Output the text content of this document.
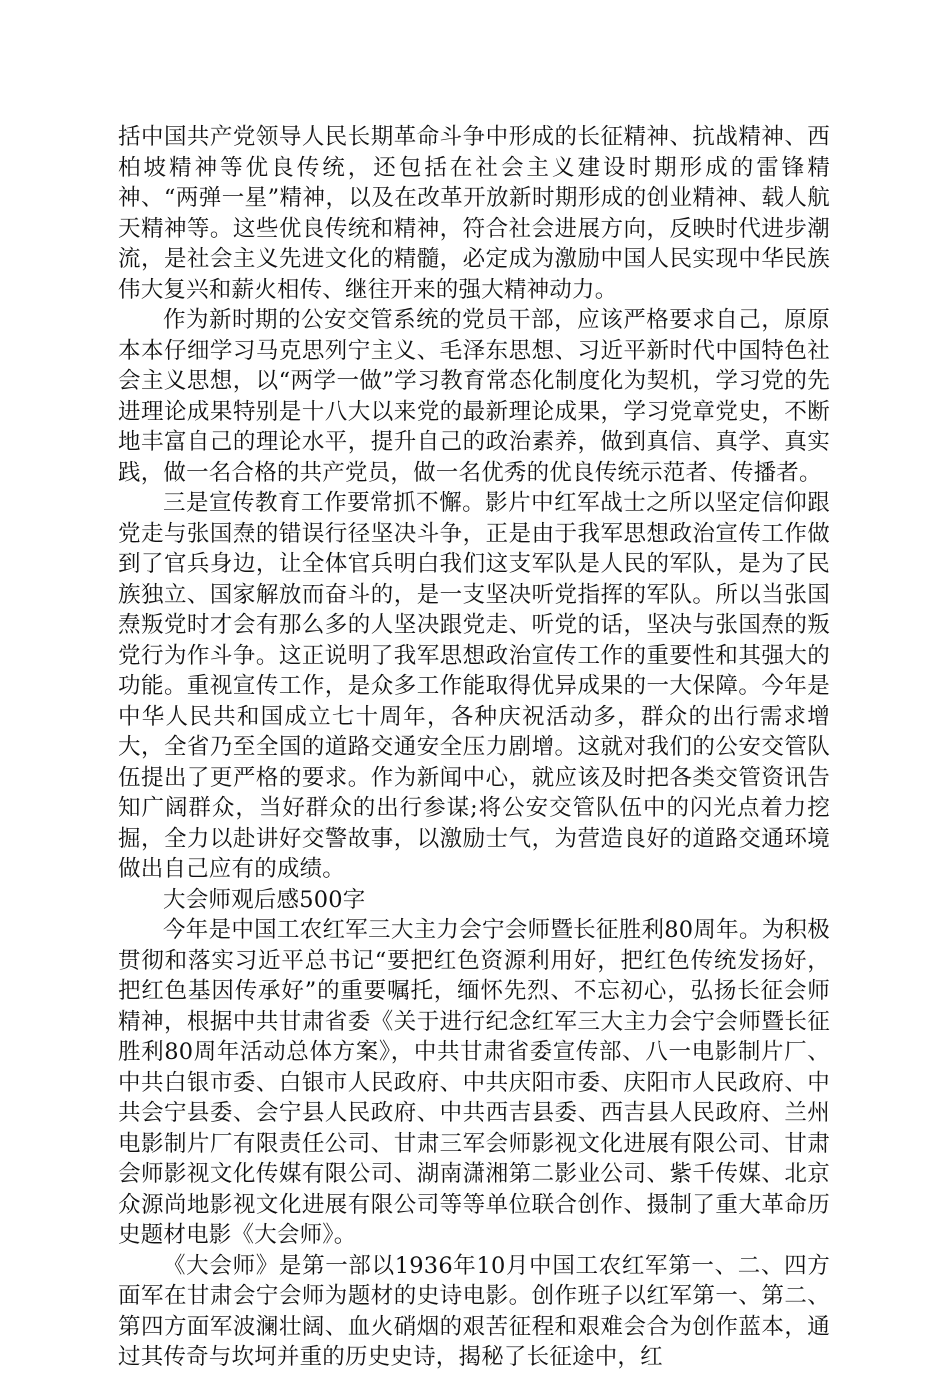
括中国共产党领导人民长期革命斗争中形成的长征精神、抗战精神、西柏坡精神等优良传统，还包括在社会主义建设时期形成的雷锋精神、“两弹一星”精神，以及在改革开放新时期形成的创业精神、载人航天精神等。这些优良传统和精神，符合社会进展方向，反映时代进步潮流，是社会主义先进文化的精髓，必定成为激励中国人民实现中华民族伟大复兴和薪火相传、继往开来的强大精神动力。

作为新时期的公安交管系统的党员干部，应该严格要求自己，原原本本仔细学习马克思列宁主义、毛泽东思想、习近平新时代中国特色社会主义思想，以“两学一做”学习教育常态化制度化为契机，学习党的先进理论成果特别是十八大以来党的最新理论成果，学习党章党史，不断地丰富自己的理论水平，提升自己的政治素养，做到真信、真学、真实践，做一名合格的共产党员，做一名优秀的优良传统示范者、传播者。

三是宣传教育工作要常抓不懈。影片中红军战士之所以坚定信仰跟党走与张国焘的错误行径坚决斗争，正是由于我军思想政治宣传工作做到了官兵身边，让全体官兵明白我们这支军队是人民的军队，是为了民族独立、国家解放而奋斗的，是一支坚决听党指挥的军队。所以当张国焘叛党时才会有那么多的人坚决跟党走、听党的话，坚决与张国焘的叛党行为作斗争。这正说明了我军思想政治宣传工作的重要性和其强大的功能。重视宣传工作，是众多工作能取得优异成果的一大保障。今年是中华人民共和国成立七十周年，各种庆祝活动多，群众的出行需求增大，全省乃至全国的道路交通安全压力剧增。这就对我们的公安交管队伍提出了更严格的要求。作为新闻中心，就应该及时把各类交管资讯告知广阔群众，当好群众的出行参谋;将公安交管队伍中的闪光点着力挖掘，全力以赴讲好交警故事，以激励士气，为营造良好的道路交通环境做出自己应有的成绩。

大会师观后感500字

今年是中国工农红军三大主力会宁会师暨长征胜利80周年。为积极贯彻和落实习近平总书记“要把红色资源利用好，把红色传统发扬好，把红色基因传承好”的重要嘱托，缅怀先烈、不忘初心，弘扬长征会师精神，根据中共甘肃省委《关于进行纪念红军三大主力会宁会师暨长征胜利80周年活动总体方案》，中共甘肃省委宣传部、八一电影制片厂、中共白银市委、白银市人民政府、中共庆阳市委、庆阳市人民政府、中共会宁县委、会宁县人民政府、中共西吉县委、西吉县人民政府、兰州电影制片厂有限责任公司、甘肃三军会师影视文化进展有限公司、甘肃会师影视文化传媒有限公司、湖南潇湘第二影业公司、紫千传媒、北京众源尚地影视文化进展有限公司等等单位联合创作、摄制了重大革命历史题材电影《大会师》。

《大会师》是第一部以1936年10月中国工农红军第一、二、四方面军在甘肃会宁会师为题材的史诗电影。创作班子以红军第一、第二、第四方面军波澜壮阔、血火硝烟的艰苦征程和艰难会合为创作蓝本，通过其传奇与坎坷并重的历史史诗，揭秘了长征途中，红
